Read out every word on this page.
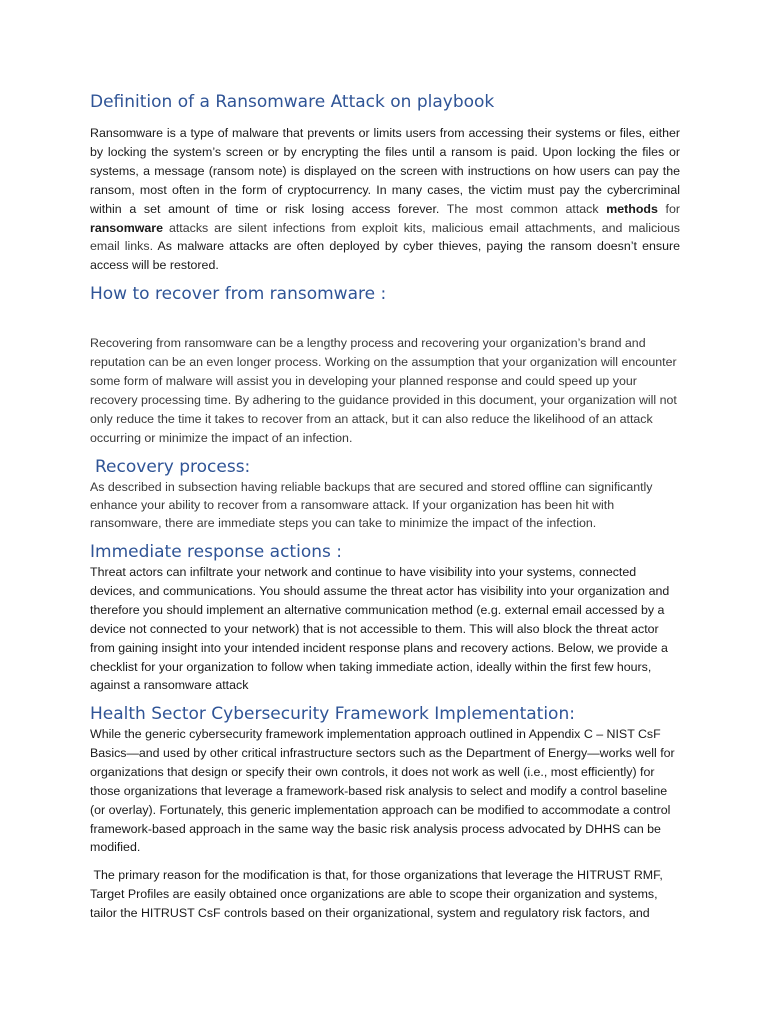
Definition of a Ransomware Attack on playbook

Ransomware is a type of malware that prevents or limits users from accessing their systems or files, either by locking the system’s screen or by encrypting the files until a ransom is paid. Upon locking the files or systems, a message (ransom note) is displayed on the screen with instructions on how users can pay the ransom, most often in the form of cryptocurrency. In many cases, the victim must pay the cybercriminal within a set amount of time or risk losing access forever. The most common attack methods for ransomware attacks are silent infections from exploit kits, malicious email attachments, and malicious email links. As malware attacks are often deployed by cyber thieves, paying the ransom doesn’t ensure access will be restored.

How to recover from ransomware :

Recovering from ransomware can be a lengthy process and recovering your organization’s brand and reputation can be an even longer process. Working on the assumption that your organization will encounter some form of malware will assist you in developing your planned response and could speed up your recovery processing time. By adhering to the guidance provided in this document, your organization will not only reduce the time it takes to recover from an attack, but it can also reduce the likelihood of an attack occurring or minimize the impact of an infection.

Recovery process:

As described in subsection having reliable backups that are secured and stored offline can significantly enhance your ability to recover from a ransomware attack. If your organization has been hit with ransomware, there are immediate steps you can take to minimize the impact of the infection.

Immediate response actions :

Threat actors can infiltrate your network and continue to have visibility into your systems, connected devices, and communications. You should assume the threat actor has visibility into your organization and therefore you should implement an alternative communication method (e.g. external email accessed by a device not connected to your network) that is not accessible to them. This will also block the threat actor from gaining insight into your intended incident response plans and recovery actions. Below, we provide a checklist for your organization to follow when taking immediate action, ideally within the first few hours, against a ransomware attack

Health Sector Cybersecurity Framework Implementation:

While the generic cybersecurity framework implementation approach outlined in Appendix C – NIST CsF Basics—and used by other critical infrastructure sectors such as the Department of Energy—works well for organizations that design or specify their own controls, it does not work as well (i.e., most efficiently) for those organizations that leverage a framework-based risk analysis to select and modify a control baseline (or overlay). Fortunately, this generic implementation approach can be modified to accommodate a control framework-based approach in the same way the basic risk analysis process advocated by DHHS can be modified.

The primary reason for the modification is that, for those organizations that leverage the HITRUST RMF, Target Profiles are easily obtained once organizations are able to scope their organization and systems, tailor the HITRUST CsF controls based on their organizational, system and regulatory risk factors, and
